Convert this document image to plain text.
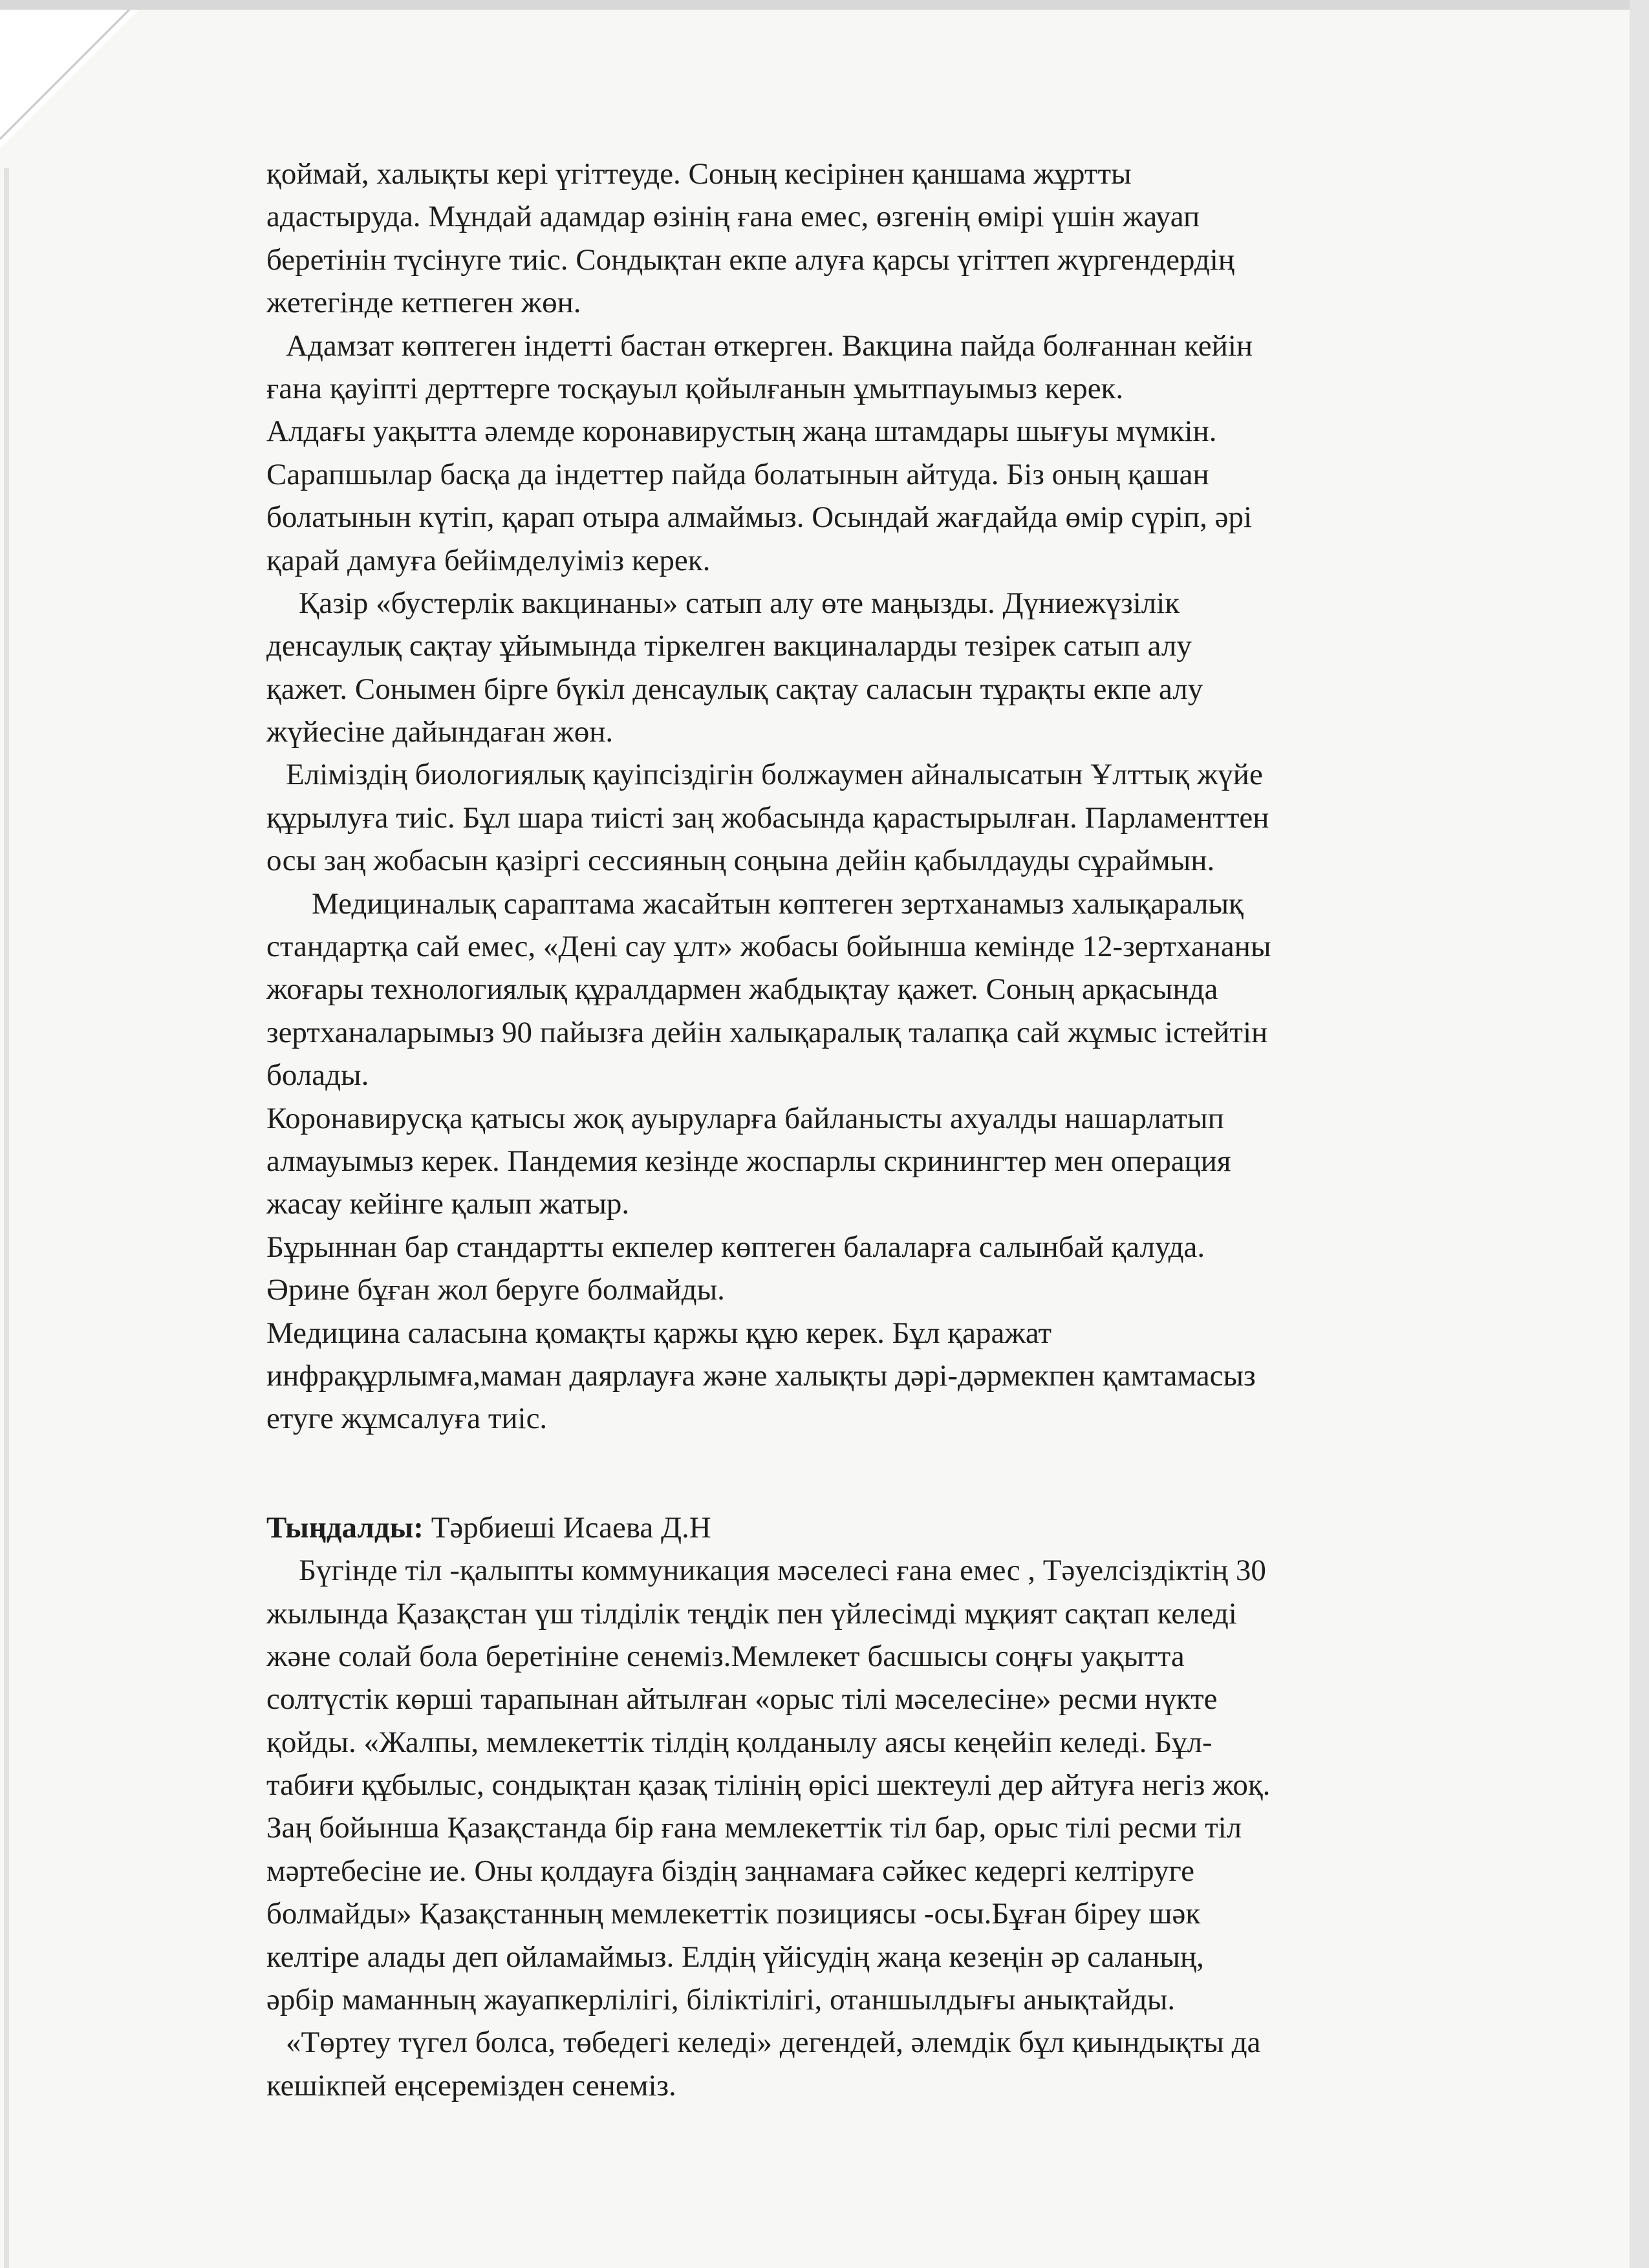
қоймай, халықты кері үгіттеуде. Соның кесірінен қаншама жұртты
адастыруда. Мұндай адамдар өзінің ғана емес, өзгенің өмірі үшін жауап
беретінін түсінуге тиіс. Сондықтан екпе алуға қарсы үгіттеп жүргендердің
жетегінде кетпеген жөн.
Адамзат көптеген індетті бастан өткерген. Вакцина пайда болғаннан кейін
ғана қауіпті дерттерге тосқауыл қойылғанын ұмытпауымыз керек.
Алдағы уақытта әлемде коронавирустың жаңа штамдары шығуы мүмкін.
Сарапшылар басқа да індеттер пайда болатынын айтуда. Біз оның қашан
болатынын күтіп, қарап отыра алмаймыз. Осындай жағдайда өмір сүріп, әрі
қарай дамуға бейімделуіміз керек.
Қазір «бустерлік вакцинаны» сатып алу өте маңызды. Дүниежүзілік
денсаулық сақтау ұйымында тіркелген вакциналарды тезірек сатып алу
қажет. Сонымен бірге бүкіл денсаулық сақтау саласын тұрақты екпе алу
жүйесіне дайындаған жөн.
Еліміздің биологиялық қауіпсіздігін болжаумен айналысатын Ұлттық жүйе
құрылуға тиіс. Бұл шара тиісті заң жобасында қарастырылған. Парламенттен
осы заң жобасын қазіргі сессияның соңына дейін қабылдауды сұраймын.
Медициналық сараптама жасайтын көптеген зертханамыз халықаралық
стандартқа сай емес, «Дені сау ұлт» жобасы бойынша кемінде 12-зертхананы
жоғары технологиялық құралдармен жабдықтау қажет. Соның арқасында
зертханаларымыз 90 пайызға дейін халықаралық талапқа сай жұмыс істейтін
болады.
Коронавирусқа қатысы жоқ ауыруларға байланысты ахуалды нашарлатып
алмауымыз керек. Пандемия кезінде жоспарлы скринингтер мен операция
жасау кейінге қалып жатыр.
Бұрыннан бар стандартты екпелер көптеген балаларға салынбай қалуда.
Әрине бұған жол беруге болмайды.
Медицина саласына қомақты қаржы құю керек. Бұл қаражат
инфрақұрлымға,маман даярлауға және халықты дәрі-дәрмекпен қамтамасыз
етуге жұмсалуға тиіс.
Тыңдалды: Тәрбиеші Исаева Д.Н
Бүгінде тіл -қалыпты коммуникация мәселесі ғана емес , Тәуелсіздіктің 30
жылында Қазақстан үш тілділік теңдік пен үйлесімді мұқият сақтап келеді
және солай бола беретініне сенеміз.Мемлекет басшысы соңғы уақытта
солтүстік көрші тарапынан айтылған «орыс тілі мәселесіне» ресми нүкте
қойды. «Жалпы, мемлекеттік тілдің қолданылу аясы кеңейіп келеді. Бұл-
табиғи құбылыс, сондықтан қазақ тілінің өрісі шектеулі дер айтуға негіз жоқ.
Заң бойынша Қазақстанда бір ғана мемлекеттік тіл бар, орыс тілі ресми тіл
мәртебесіне ие. Оны қолдауға біздің заңнамаға сәйкес кедергі келтіруге
болмайды» Қазақстанның мемлекеттік позициясы -осы.Бұған біреу шәк
келтіре алады деп ойламаймыз. Елдің үйісудің жаңа кезеңін әр саланың,
әрбір маманның жауапкерлілігі, біліктілігі, отаншылдығы анықтайды.
«Төртеу түгел болса, төбедегі келеді» дегендей, әлемдік бұл қиындықты да
кешікпей еңсеремізден сенеміз.
